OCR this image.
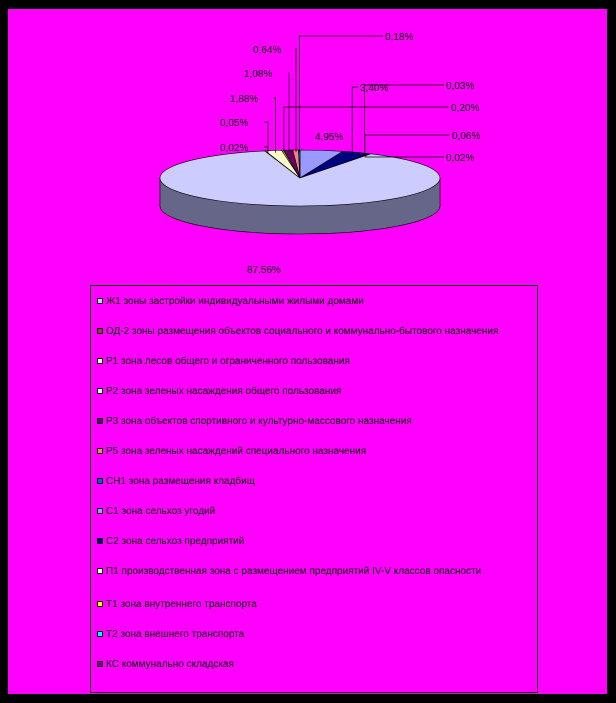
4,95%
3,40%	0,03%
0,06%
0,02%
87,56%
0,02%
0,05%
1,88%
0,20%
1,08%
0,64%
0,18%
Ж1 зоны застройки индивидуальными жилыми домами
ОД-2 зоны размещения объектов социального и коммунально-бытового назначения
Р1 зона лесов общего и ограниченного пользования
Р2 зона зеленых насаждения общего пользования
Р3 зона объектов спортивного и культурно-массового назначения
Р5 зона зеленых насаждений специального назначения
СН1 зона размещения кладбищ
С1 зона сельхоз угодий
С2 зона сельхоз предприятий
П1 производственная зона с размещением предприятий IV-V классов опасности
Т1 зона внутреннего транспорта
Т2 зона внешнего транспорта
КС коммунально складская
